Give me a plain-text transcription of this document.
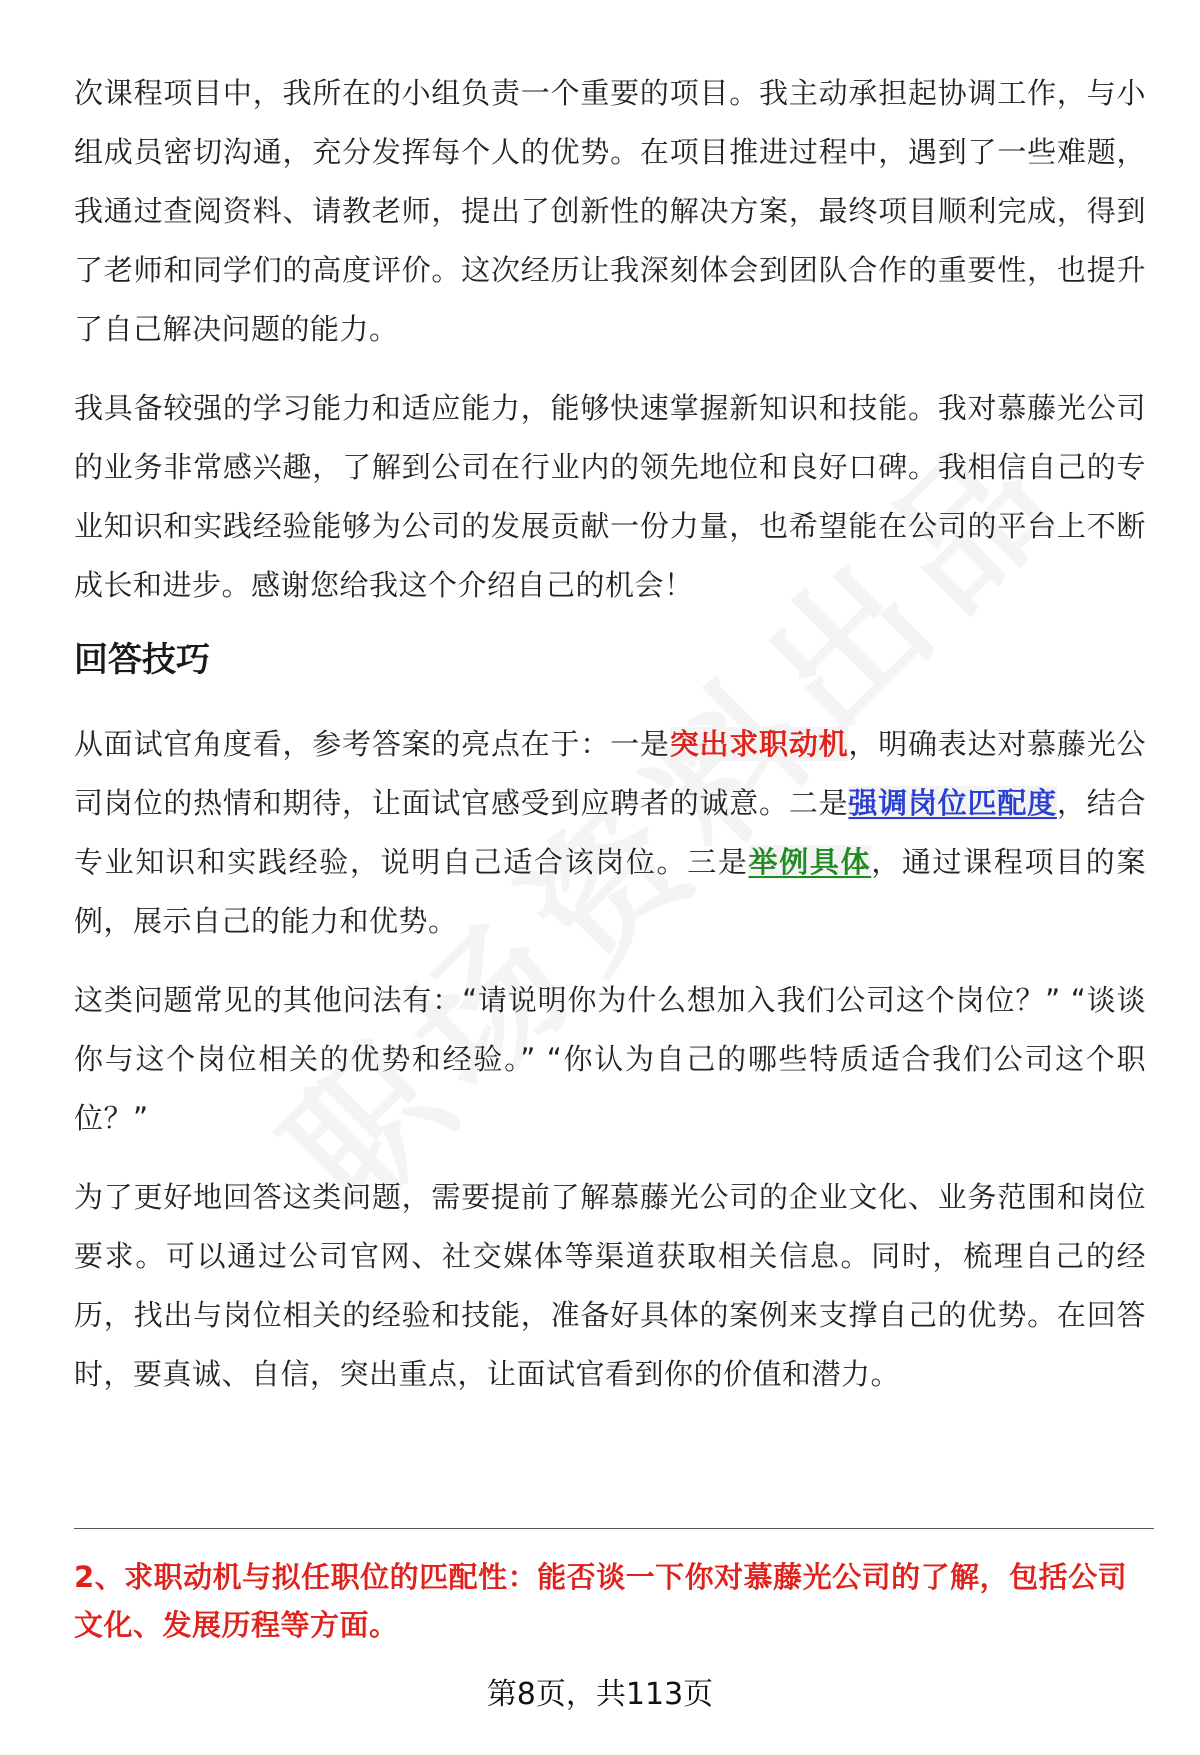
次课程项目中，我所在的小组负责一个重要的项目。我主动承担起协调工作，与小组成员密切沟通，充分发挥每个人的优势。在项目推进过程中，遇到了一些难题，我通过查阅资料、请教老师，提出了创新性的解决方案，最终项目顺利完成，得到了老师和同学们的高度评价。这次经历让我深刻体会到团队合作的重要性，也提升了自己解决问题的能力。

我具备较强的学习能力和适应能力，能够快速掌握新知识和技能。我对慕藤光公司的业务非常感兴趣，了解到公司在行业内的领先地位和良好口碑。我相信自己的专业知识和实践经验能够为公司的发展贡献一份力量，也希望能在公司的平台上不断成长和进步。感谢您给我这个介绍自己的机会！

回答技巧

从面试官角度看，参考答案的亮点在于：一是突出求职动机，明确表达对慕藤光公司岗位的热情和期待，让面试官感受到应聘者的诚意。二是强调岗位匹配度，结合专业知识和实践经验，说明自己适合该岗位。三是举例具体，通过课程项目的案例，展示自己的能力和优势。

这类问题常见的其他问法有：“请说明你为什么想加入我们公司这个岗位？” “谈谈你与这个岗位相关的优势和经验。” “你认为自己的哪些特质适合我们公司这个职位？”

为了更好地回答这类问题，需要提前了解慕藤光公司的企业文化、业务范围和岗位要求。可以通过公司官网、社交媒体等渠道获取相关信息。同时，梳理自己的经历，找出与岗位相关的经验和技能，准备好具体的案例来支撑自己的优势。在回答时，要真诚、自信，突出重点，让面试官看到你的价值和潜力。

2、求职动机与拟任职位的匹配性：能否谈一下你对慕藤光公司的了解，包括公司文化、发展历程等方面。
第8页，共113页
